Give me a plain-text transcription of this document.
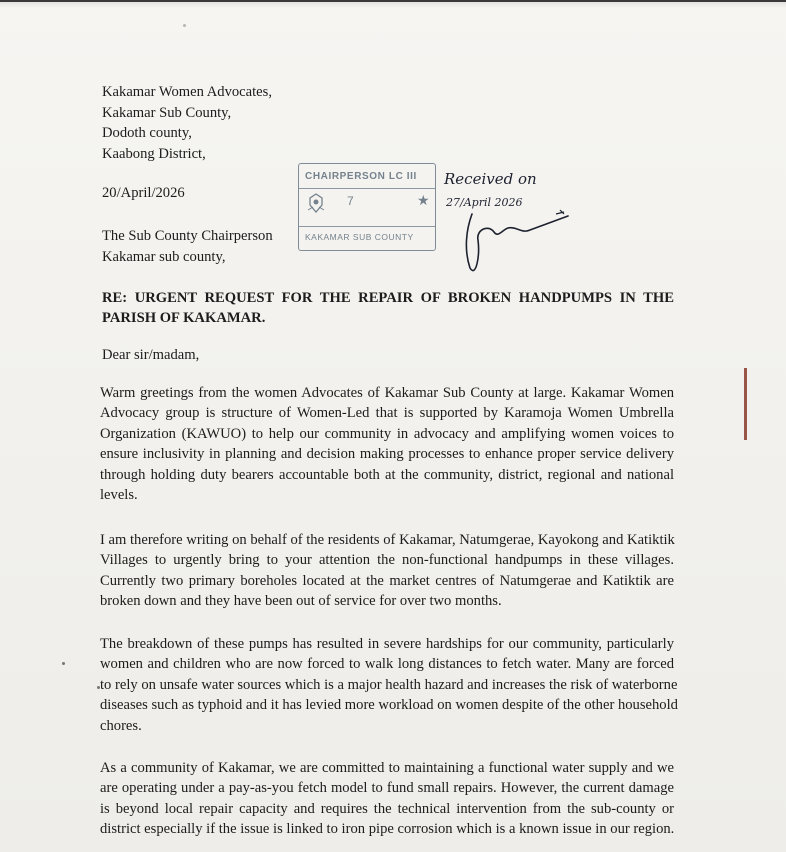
Kakamar Women Advocates,
Kakamar Sub County,
Dodoth county,
Kaabong District,
20/April/2026
The Sub County Chairperson
Kakamar sub county,
CHAIRPERSON LC III
7	★
KAKAMAR SUB COUNTY
Received on
27/April 2026
RE: URGENT REQUEST FOR THE REPAIR OF BROKEN HANDPUMPS IN THE
PARISH OF KAKAMAR.
Dear sir/madam,
Warm greetings from the women Advocates of Kakamar Sub County at large. Kakamar Women
Advocacy group is structure of Women-Led that is supported by Karamoja Women Umbrella
Organization (KAWUO) to help our community in advocacy and amplifying women voices to
ensure inclusivity in planning and decision making processes to enhance proper service delivery
through holding duty bearers accountable both at the community, district, regional and national
levels.
I am therefore writing on behalf of the residents of Kakamar, Natumgerae, Kayokong and Katiktik
Villages to urgently bring to your attention the non-functional handpumps in these villages.
Currently two primary boreholes located at the market centres of Natumgerae and Katiktik are
broken down and they have been out of service for over two months.
The breakdown of these pumps has resulted in severe hardships for our community, particularly
women and children who are now forced to walk long distances to fetch water. Many are forced
to rely on unsafe water sources which is a major health hazard and increases the risk of waterborne
diseases such as typhoid and it has levied more workload on women despite of the other household
chores.
As a community of Kakamar, we are committed to maintaining a functional water supply and we
are operating under a pay-as-you fetch model to fund small repairs. However, the current damage
is beyond local repair capacity and requires the technical intervention from the sub-county or
district especially if the issue is linked to iron pipe corrosion which is a known issue in our region.
